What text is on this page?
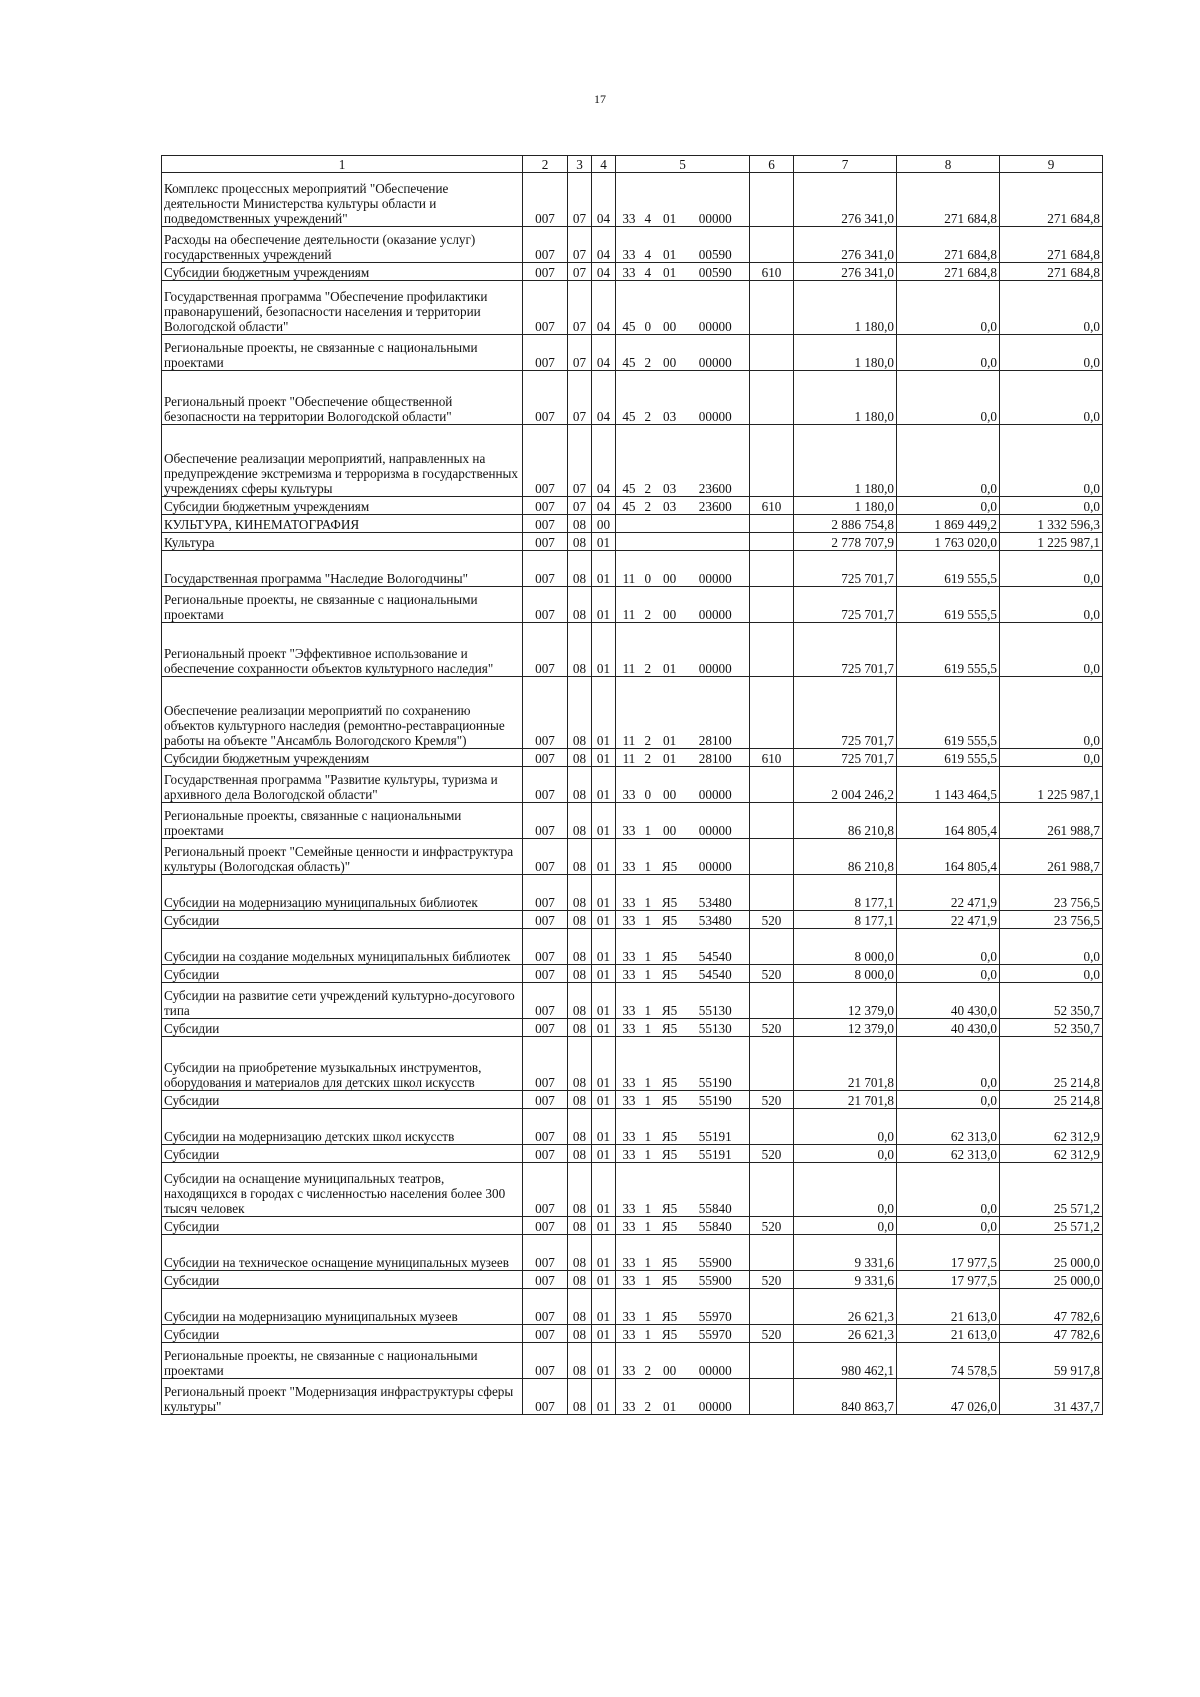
17
1	2	3	4	5	6	7	8	9
Комплекс процессных мероприятий "Обеспечение деятельности Министерства культуры области и подведомственных учреждений"	007	07	04	33 4 01 00000		276 341,0	271 684,8	271 684,8
Расходы на обеспечение деятельности (оказание услуг) государственных учреждений	007	07	04	33 4 01 00590		276 341,0	271 684,8	271 684,8
Субсидии бюджетным учреждениям	007	07	04	33 4 01 00590	610	276 341,0	271 684,8	271 684,8
Государственная программа "Обеспечение профилактики правонарушений, безопасности населения и территории Вологодской области"	007	07	04	45 0 00 00000		1 180,0	0,0	0,0
Региональные проекты, не связанные с национальными проектами	007	07	04	45 2 00 00000		1 180,0	0,0	0,0
Региональный проект "Обеспечение общественной безопасности на территории Вологодской области"	007	07	04	45 2 03 00000		1 180,0	0,0	0,0
Обеспечение реализации мероприятий, направленных на предупреждение экстремизма и терроризма в государственных учреждениях сферы культуры	007	07	04	45 2 03 23600		1 180,0	0,0	0,0
Субсидии бюджетным учреждениям	007	07	04	45 2 03 23600	610	1 180,0	0,0	0,0
КУЛЬТУРА, КИНЕМАТОГРАФИЯ	007	08	00			2 886 754,8	1 869 449,2	1 332 596,3
Культура	007	08	01			2 778 707,9	1 763 020,0	1 225 987,1
Государственная программа "Наследие Вологодчины"	007	08	01	11 0 00 00000		725 701,7	619 555,5	0,0
Региональные проекты, не связанные с национальными проектами	007	08	01	11 2 00 00000		725 701,7	619 555,5	0,0
Региональный проект "Эффективное использование и обеспечение сохранности объектов культурного наследия"	007	08	01	11 2 01 00000		725 701,7	619 555,5	0,0
Обеспечение реализации мероприятий по сохранению объектов культурного наследия (ремонтно-реставрационные работы на объекте "Ансамбль Вологодского Кремля")	007	08	01	11 2 01 28100		725 701,7	619 555,5	0,0
Субсидии бюджетным учреждениям	007	08	01	11 2 01 28100	610	725 701,7	619 555,5	0,0
Государственная программа "Развитие культуры, туризма и архивного дела Вологодской области"	007	08	01	33 0 00 00000		2 004 246,2	1 143 464,5	1 225 987,1
Региональные проекты, связанные с национальными проектами	007	08	01	33 1 00 00000		86 210,8	164 805,4	261 988,7
Региональный проект "Семейные ценности и инфраструктура культуры (Вологодская область)"	007	08	01	33 1 Я5 00000		86 210,8	164 805,4	261 988,7
Субсидии на модернизацию муниципальных библиотек	007	08	01	33 1 Я5 53480		8 177,1	22 471,9	23 756,5
Субсидии	007	08	01	33 1 Я5 53480	520	8 177,1	22 471,9	23 756,5
Субсидии на создание модельных муниципальных библиотек	007	08	01	33 1 Я5 54540		8 000,0	0,0	0,0
Субсидии	007	08	01	33 1 Я5 54540	520	8 000,0	0,0	0,0
Субсидии на развитие сети учреждений культурно-досугового типа	007	08	01	33 1 Я5 55130		12 379,0	40 430,0	52 350,7
Субсидии	007	08	01	33 1 Я5 55130	520	12 379,0	40 430,0	52 350,7
Субсидии на приобретение музыкальных инструментов, оборудования и материалов для детских школ искусств	007	08	01	33 1 Я5 55190		21 701,8	0,0	25 214,8
Субсидии	007	08	01	33 1 Я5 55190	520	21 701,8	0,0	25 214,8
Субсидии на модернизацию детских школ искусств	007	08	01	33 1 Я5 55191		0,0	62 313,0	62 312,9
Субсидии	007	08	01	33 1 Я5 55191	520	0,0	62 313,0	62 312,9
Субсидии на оснащение муниципальных театров, находящихся в городах с численностью населения более 300 тысяч человек	007	08	01	33 1 Я5 55840		0,0	0,0	25 571,2
Субсидии	007	08	01	33 1 Я5 55840	520	0,0	0,0	25 571,2
Субсидии на техническое оснащение муниципальных музеев	007	08	01	33 1 Я5 55900		9 331,6	17 977,5	25 000,0
Субсидии	007	08	01	33 1 Я5 55900	520	9 331,6	17 977,5	25 000,0
Субсидии на модернизацию муниципальных музеев	007	08	01	33 1 Я5 55970		26 621,3	21 613,0	47 782,6
Субсидии	007	08	01	33 1 Я5 55970	520	26 621,3	21 613,0	47 782,6
Региональные проекты, не связанные с национальными проектами	007	08	01	33 2 00 00000		980 462,1	74 578,5	59 917,8
Региональный проект "Модернизация инфраструктуры сферы культуры"	007	08	01	33 2 01 00000		840 863,7	47 026,0	31 437,7
